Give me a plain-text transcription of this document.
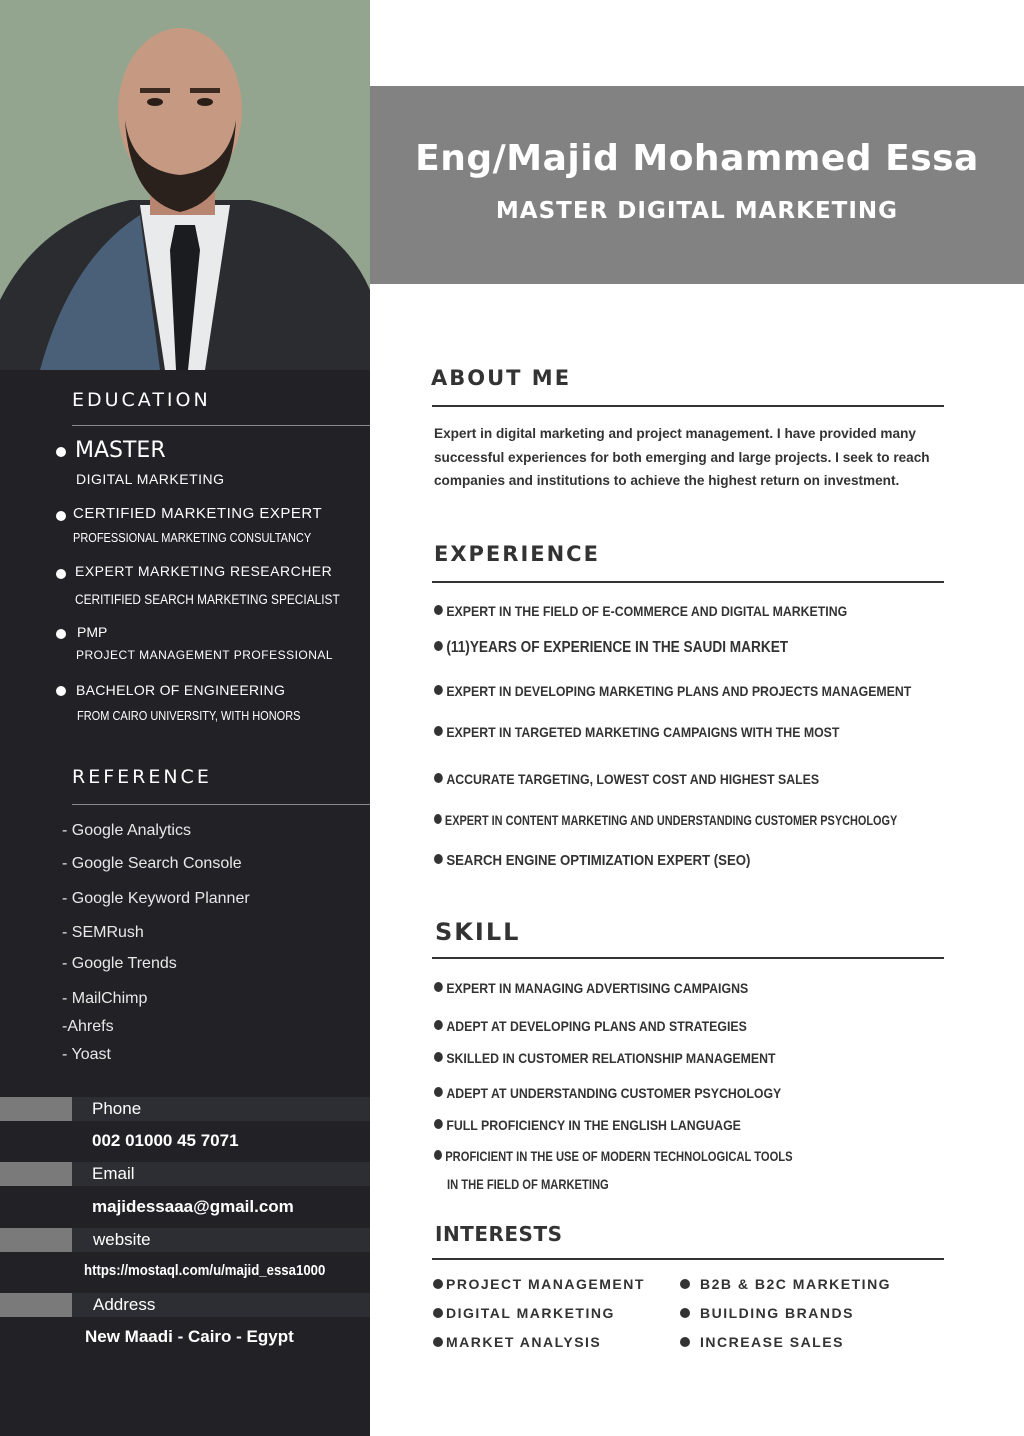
Eng/Majid Mohammed Essa
MASTER DIGITAL MARKETING
EDUCATION
MASTER
DIGITAL MARKETING
CERTIFIED MARKETING EXPERT
PROFESSIONAL MARKETING CONSULTANCY
EXPERT MARKETING RESEARCHER
CERITIFIED SEARCH MARKETING SPECIALIST
PMP
PROJECT MANAGEMENT PROFESSIONAL
BACHELOR OF ENGINEERING
FROM CAIRO UNIVERSITY, WITH HONORS
REFERENCE
- Google Analytics
- Google Search Console
- Google Keyword Planner
- SEMRush
- Google Trends
- MailChimp
-Ahrefs
- Yoast
Phone
002 01000 45 7071
Email
majidessaaa@gmail.com
website
https://mostaql.com/u/majid_essa1000
Address
New Maadi - Cairo - Egypt
ABOUT ME
Expert in digital marketing and project management. I have provided many successful experiences for both emerging and large projects. I seek to reach companies and institutions to achieve the highest return on investment.
EXPERIENCE
EXPERT IN THE FIELD OF E-COMMERCE AND DIGITAL MARKETING
(11)YEARS OF EXPERIENCE IN THE SAUDI MARKET
EXPERT IN DEVELOPING MARKETING PLANS AND PROJECTS MANAGEMENT
EXPERT IN TARGETED MARKETING CAMPAIGNS WITH THE MOST
ACCURATE TARGETING, LOWEST COST AND HIGHEST SALES
EXPERT IN CONTENT MARKETING AND UNDERSTANDING CUSTOMER PSYCHOLOGY
SEARCH ENGINE OPTIMIZATION EXPERT (SEO)
SKILL
EXPERT IN MANAGING ADVERTISING CAMPAIGNS
ADEPT AT DEVELOPING PLANS AND STRATEGIES
SKILLED IN CUSTOMER RELATIONSHIP MANAGEMENT
ADEPT AT UNDERSTANDING CUSTOMER PSYCHOLOGY
FULL PROFICIENCY IN THE ENGLISH LANGUAGE
PROFICIENT IN THE USE OF MODERN TECHNOLOGICAL TOOLS
IN THE FIELD OF MARKETING
INTERESTS
PROJECT MANAGEMENT
DIGITAL MARKETING
MARKET ANALYSIS
B2B & B2C MARKETING
BUILDING BRANDS
INCREASE SALES
